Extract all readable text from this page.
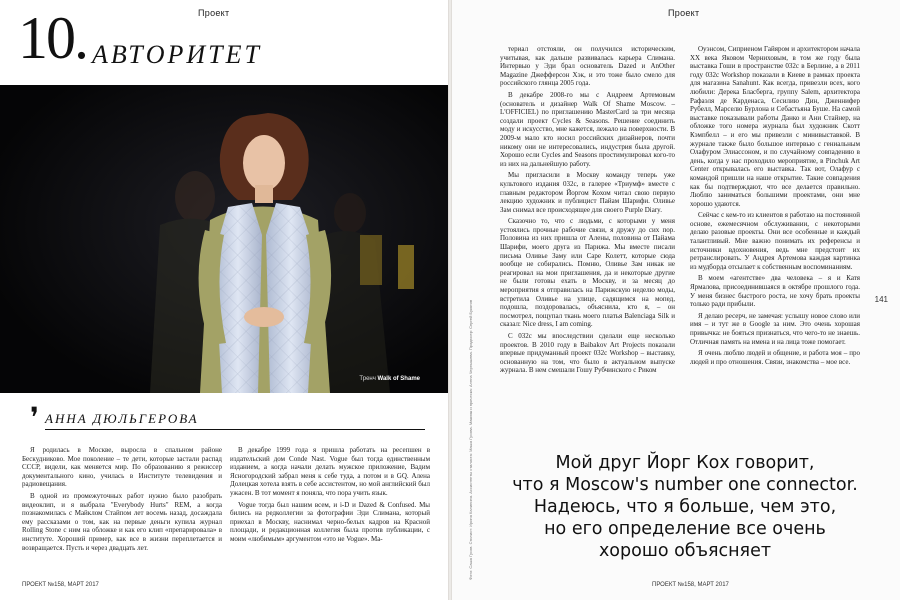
Проект
10. АВТОРИТЕТ
Тренч Walk of Shame
❜ АННА ДЮЛЬГЕРОВА

Я родилась в Москве, выросла в спальном районе Бескудниково. Мое поколение – те дети, которые застали распад СССР, видели, как меняется мир. По образованию я режиссер документального кино, училась в Институте телевидения и радиовещания.

В одной из промежуточных работ нужно было разобрать видеоклип, и я выбрала "Everybody Hurts" REM, а когда познакомилась с Майклом Стайпом лет восемь назад, досаждала ему рассказами о том, как на первые деньги купила журнал Rolling Stone с ним на обложке и как его клип «препарировала» в институте. Хороший пример, как все в жизни переплетается и возвращается. Пусть и через двадцать лет.

В декабре 1999 года я пришла работать на ресепшен в издательский дом Conde Nast. Vogue был тогда единственным изданием, а когда начали делать мужское приложение, Вадим Ясногородский забрал меня к себе туда, а потом и в GQ. Алена Долецкая хотела взять в себе ассистентом, но мой английский был ужасен. В тот момент я поняла, что пора учить язык.

Vogue тогда был нашим всем, и i-D и Dazed & Confused. Мы бились на редколлегии за фотографии Эди Слимана, который приехал в Москву, наснимал черно-белых кадров на Красной площади, и редакционная коллегия была против публикации, с моим «любимым» аргументом «это не Vogue». Ма-

ПРОЕКТ №158, МАРТ 2017
Проект

териал отстояли, он получился историческим, учитывая, как дальше развивалась карьера Слимана. Интервью у Эди брал основатель Dazed и AnOther Magazine Джефферсон Хэк, и это тоже было смело для российского глянца 2005 года.

В декабре 2008-го мы с Андреем Артемовым (основатель и дизайнер Walk Of Shame Moscow. – L'OFFICIEL) по приглашению MasterCard за три месяца создали проект Cycles & Seasons. Решение соединить моду и искусство, мне кажется, лежало на поверхности. В 2009-м мало кто носил российских дизайнеров, почти никому они не интересовались, индустрия была другой. Хорошо если Cycles and Seasons простимулировал кого-то из них на дальнейшую работу.

Мы пригласили в Москву команду теперь уже культового издания 032c, в галерее «Триумф» вместе с главным редактором Йоргом Кохом читал свою первую лекцию художник и публицист Пайам Шарифи. Оливье Зам снимал все происходящее для своего Purple Diary.

Сказочно то, что с людьми, с которыми у меня устоялись прочные рабочие связи, я дружу до сих пор. Половина из них пришла от Алены, половина от Пайама Шарифи, моего друга из Парижа. Мы вместе писали письма Оливье Заму или Саре Колетт, которые сюда вообще не собирались. Помню, Оливье Зам никак не реагировал на мои приглашения, да и некоторые другие не были готовы ехать в Москву, и за месяц до мероприятия я отправилась на Парижскую неделю моды, встретила Оливье на улице, садящимся на мопед, подошла, поздоровалась, объяснила, кто я, – он посмотрел, пощупал ткань моего платья Balenciaga Silk и сказал: Nice dress, I am coming.

С 032c мы впоследствии сделали еще несколько проектов. В 2010 году в Baibakov Art Projects показали впервые придуманный проект 032c Workshop – выставку, основанную на том, что было в актуальном выпуске журнала. В нем смешали Гошу Рубчинского с Риком

Оуэнсом, Сиприеном Гайяром и архитектором начала XX века Яковом Черниховым, в том же году была выставка Гоши в пространстве 032c в Берлине, а в 2011 году 032c Workshop показали в Киеве в рамках проекта для магазина Sanahunt. Как всегда, привезли всех, кого любили: Дерека Бласберга, группу Salem, архитектора Рафаэля де Карденаса, Сесилию Дин, Дженнифер Рубелл, Марселю Бурлона и Себастьяна Буше. На самой выставке показывали работы Данко и Ани Стайнер, на обложке того номера журнала был художник Скотт Кэмпбелл – и его мы привезли с минивыставкой. В журнале также было большое интервью с гениальным Олафуром Элиассоном, и по случайному совпадению в день, когда у нас проходило мероприятие, в Pinchuk Art Center открывалась его выставка. Так вот, Олафур с командой пришли на наше открытие. Такие совпадения как бы подтверждают, что все делается правильно. Люблю заниматься большими проектами, они мне хорошо удаются.

Сейчас с кем-то из клиентов я работаю на постоянной основе, ежемесячном обслуживании, с некоторыми делаю разовые проекты. Они все особенные и каждый талантливый. Мне важно понимать их референсы и источники вдохновения, ведь мне предстоит их ретранслировать. У Андрея Артемова каждая картинка из мудборда отсылает к собственным воспоминаниям.

В моем «агентстве» два человека – я и Катя Ярмалова, присоединившаяся в октябре прошлого года. У меня бизнес быстрого роста, не хочу брать проекты только ради прибыли.

Я делаю ресерч, не замечая: услышу новое слово или имя – и тут же в Google за ним. Это очень хорошая привычка: не бояться признаться, что чего-то не знаешь. Отличная память на имена и на лица тоже помогает.

Я очень люблю людей и общение, и работа моя – про людей и про отношения. Связи, знакомства – мое все.

Фото: Саша Гусов. Стилист: Ирина Калинина. Ассистенты стилиста: Маша Гусова. Макияж и прическа: Алена Чернышева. Продюсер: Сергей Букатов
141
Мой друг Йорг Кох говорит,
что я Moscow's number one connector.
Надеюсь, что я больше, чем это,
но его определение все очень
хорошо объясняет
ПРОЕКТ №158, МАРТ 2017
